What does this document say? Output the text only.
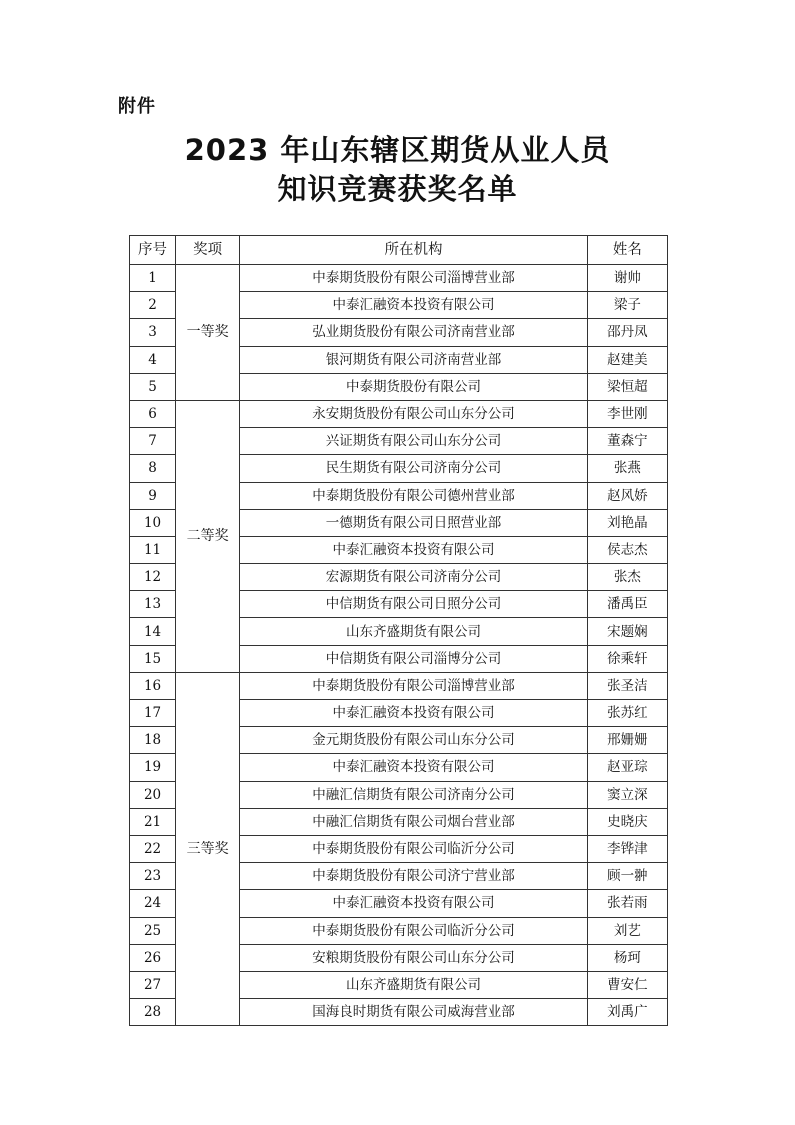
附件
2023 年山东辖区期货从业人员
知识竞赛获奖名单
序号	奖项	所在机构	姓名
1	一等奖	中泰期货股份有限公司淄博营业部	谢帅
2		中泰汇融资本投资有限公司	梁子
3		弘业期货股份有限公司济南营业部	邵丹凤
4		银河期货有限公司济南营业部	赵建美
5		中泰期货股份有限公司	梁恒超
6	二等奖	永安期货股份有限公司山东分公司	李世刚
7		兴证期货有限公司山东分公司	董森宁
8		民生期货有限公司济南分公司	张燕
9		中泰期货股份有限公司德州营业部	赵风娇
10		一德期货有限公司日照营业部	刘艳晶
11		中泰汇融资本投资有限公司	侯志杰
12		宏源期货有限公司济南分公司	张杰
13		中信期货有限公司日照分公司	潘禹臣
14		山东齐盛期货有限公司	宋题娴
15		中信期货有限公司淄博分公司	徐乘轩
16	三等奖	中泰期货股份有限公司淄博营业部	张圣洁
17		中泰汇融资本投资有限公司	张苏红
18		金元期货股份有限公司山东分公司	邢姗姗
19		中泰汇融资本投资有限公司	赵亚琮
20		中融汇信期货有限公司济南分公司	窦立深
21		中融汇信期货有限公司烟台营业部	史晓庆
22		中泰期货股份有限公司临沂分公司	李铧津
23		中泰期货股份有限公司济宁营业部	顾一翀
24		中泰汇融资本投资有限公司	张若雨
25		中泰期货股份有限公司临沂分公司	刘艺
26		安粮期货股份有限公司山东分公司	杨珂
27		山东齐盛期货有限公司	曹安仁
28		国海良时期货有限公司威海营业部	刘禹广
